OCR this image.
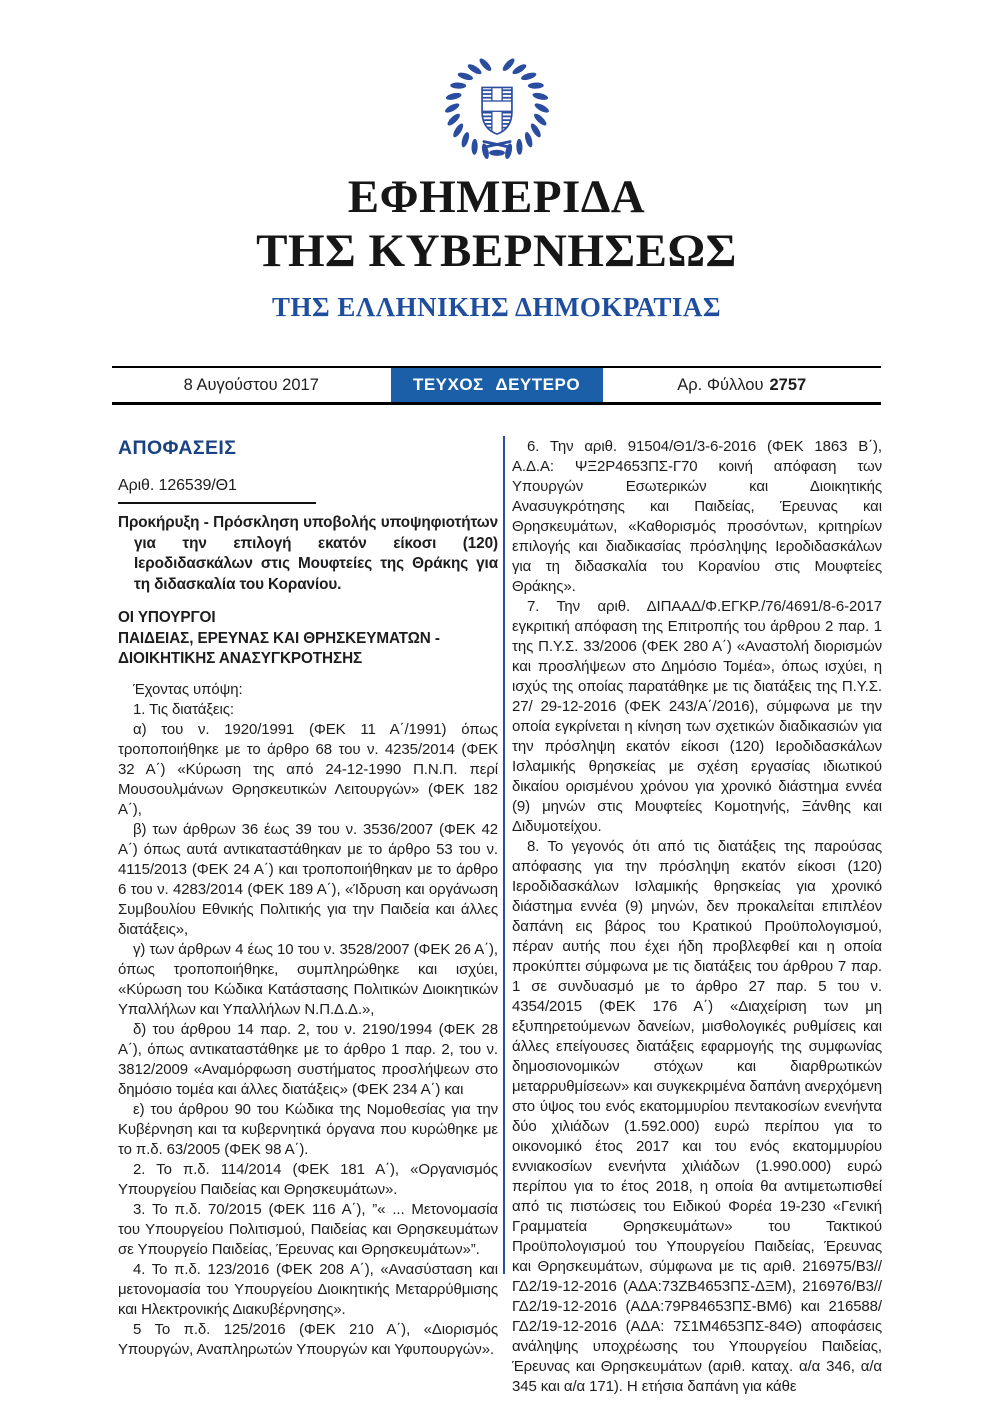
ΕΦΗΜΕΡΙΔΑ
ΤΗΣ ΚΥΒΕΡΝΗΣΕΩΣ
ΤΗΣ ΕΛΛΗΝΙΚΗΣ ΔΗΜΟΚΡΑΤΙΑΣ
8 Αυγούστου 2017	ΤΕΥΧΟΣ ΔΕΥΤΕΡΟ	Αρ. Φύλλου 2757
ΑΠΟΦΑΣΕΙΣ
Αριθ. 126539/Θ1

Προκήρυξη - Πρόσκληση υποβολής υποψηφιοτήτων για την επιλογή εκατόν είκοσι (120) Ιεροδιδασκάλων στις Μουφτείες της Θράκης για τη διδασκαλία του Κορανίου.

ΟΙ ΥΠΟΥΡΓΟΙ

ΠΑΙΔΕΙΑΣ, ΕΡΕΥΝΑΣ ΚΑΙ ΘΡΗΣΚΕΥΜΑΤΩΝ - ΔΙΟΙΚΗΤΙΚΗΣ ΑΝΑΣΥΓΚΡΟΤΗΣΗΣ

Έχοντας υπόψη:

1. Τις διατάξεις:

α) του ν. 1920/1991 (ΦΕΚ 11 Α΄/1991) όπως τροποποιήθηκε με το άρθρο 68 του ν. 4235/2014 (ΦΕΚ 32 Α΄) «Κύρωση της από 24-12-1990 Π.Ν.Π. περί Μουσουλμάνων Θρησκευτικών Λειτουργών» (ΦΕΚ 182 Α΄),

β) των άρθρων 36 έως 39 του ν. 3536/2007 (ΦΕΚ 42 Α΄) όπως αυτά αντικαταστάθηκαν με το άρθρο 53 του ν. 4115/2013 (ΦΕΚ 24 Α΄) και τροποποιήθηκαν με το άρθρο 6 του ν. 4283/2014 (ΦΕΚ 189 Α΄), «Ίδρυση και οργάνωση Συμβουλίου Εθνικής Πολιτικής για την Παιδεία και άλλες διατάξεις»,

γ) των άρθρων 4 έως 10 του ν. 3528/2007 (ΦΕΚ 26 Α΄), όπως τροποποιήθηκε, συμπληρώθηκε και ισχύει, «Κύρωση του Κώδικα Κατάστασης Πολιτικών Διοικητικών Υπαλλήλων και Υπαλλήλων Ν.Π.Δ.Δ.»,

δ) του άρθρου 14 παρ. 2, του ν. 2190/1994 (ΦΕΚ 28 Α΄), όπως αντικαταστάθηκε με το άρθρο 1 παρ. 2, του ν. 3812/2009 «Αναμόρφωση συστήματος προσλήψεων στο δημόσιο τομέα και άλλες διατάξεις» (ΦΕΚ 234 Α΄) και

ε) του άρθρου 90 του Κώδικα της Νομοθεσίας για την Κυβέρνηση και τα κυβερνητικά όργανα που κυρώθηκε με το π.δ. 63/2005 (ΦΕΚ 98 Α΄).

2. Το π.δ. 114/2014 (ΦΕΚ 181 Α΄), «Οργανισμός Υπουργείου Παιδείας και Θρησκευμάτων».

3. Το π.δ. 70/2015 (ΦΕΚ 116 Α΄), ”« ... Μετονομασία του Υπουργείου Πολιτισμού, Παιδείας και Θρησκευμάτων σε Υπουργείο Παιδείας, Έρευνας και Θρησκευμάτων»”.

4. Το π.δ. 123/2016 (ΦΕΚ 208 Α΄), «Ανασύσταση και μετονομασία του Υπουργείου Διοικητικής Μεταρρύθμισης και Ηλεκτρονικής Διακυβέρνησης».

5 Το π.δ. 125/2016 (ΦΕΚ 210 Α΄), «Διορισμός Υπουργών, Αναπληρωτών Υπουργών και Υφυπουργών».

6. Την αριθ. 91504/Θ1/3-6-2016 (ΦΕΚ 1863 Β΄), Α.Δ.Α: ΨΞ2Ρ4653ΠΣ-Γ70 κοινή απόφαση των Υπουργών Εσωτερικών και Διοικητικής Ανασυγκρότησης και Παιδείας, Έρευνας και Θρησκευμάτων, «Καθορισμός προσόντων, κριτηρίων επιλογής και διαδικασίας πρόσληψης Ιεροδιδασκάλων για τη διδασκαλία του Κορανίου στις Μουφτείες Θράκης».

7. Την αριθ. ΔΙΠΑΑΔ/Φ.ΕΓΚΡ./76/4691/8-6-2017 εγκριτική απόφαση της Επιτροπής του άρθρου 2 παρ. 1 της Π.Υ.Σ. 33/2006 (ΦΕΚ 280 Α΄) «Αναστολή διορισμών και προσλήψεων στο Δημόσιο Τομέα», όπως ισχύει, η ισχύς της οποίας παρατάθηκε με τις διατάξεις της Π.Υ.Σ. 27/ 29-12-2016 (ΦΕΚ 243/Α΄/2016), σύμφωνα με την οποία εγκρίνεται η κίνηση των σχετικών διαδικασιών για την πρόσληψη εκατόν είκοσι (120) Ιεροδιδασκάλων Ισλαμικής θρησκείας με σχέση εργασίας ιδιωτικού δικαίου ορισμένου χρόνου για χρονικό διάστημα εννέα (9) μηνών στις Μουφτείες Κομοτηνής, Ξάνθης και Διδυμοτείχου.

8. Το γεγονός ότι από τις διατάξεις της παρούσας απόφασης για την πρόσληψη εκατόν είκοσι (120) Ιεροδιδασκάλων Ισλαμικής θρησκείας για χρονικό διάστημα εννέα (9) μηνών, δεν προκαλείται επιπλέον δαπάνη εις βάρος του Κρατικού Προϋπολογισμού, πέραν αυτής που έχει ήδη προβλεφθεί και η οποία προκύπτει σύμφωνα με τις διατάξεις του άρθρου 7 παρ. 1 σε συνδυασμό με το άρθρο 27 παρ. 5 του ν. 4354/2015 (ΦΕΚ 176 Α΄) «Διαχείριση των μη εξυπηρετούμενων δανείων, μισθολογικές ρυθμίσεις και άλλες επείγουσες διατάξεις εφαρμογής της συμφωνίας δημοσιονομικών στόχων και διαρθρωτικών μεταρρυθμίσεων» και συγκεκριμένα δαπάνη ανερχόμενη στο ύψος του ενός εκατομμυρίου πεντακοσίων ενενήντα δύο χιλιάδων (1.592.000) ευρώ περίπου για το οικονομικό έτος 2017 και του ενός εκατομμυρίου εννιακοσίων ενενήντα χιλιάδων (1.990.000) ευρώ περίπου για το έτος 2018, η οποία θα αντιμετωπισθεί από τις πιστώσεις του Ειδικού Φορέα 19-230 «Γενική Γραμματεία Θρησκευμάτων» του Τακτικού Προϋπολογισμού του Υπουργείου Παιδείας, Έρευνας και Θρησκευμάτων, σύμφωνα με τις αριθ. 216975/Β3//ΓΔ2/19-12-2016 (ΑΔΑ:73ΖΒ4653ΠΣ-ΔΞΜ), 216976/Β3//ΓΔ2/19-12-2016 (ΑΔΑ:79Ρ84653ΠΣ-ΒΜ6) και 216588/ΓΔ2/19-12-2016 (ΑΔΑ: 7Σ1Μ4653ΠΣ-84Θ) αποφάσεις ανάληψης υποχρέωσης του Υπουργείου Παιδείας, Έρευνας και Θρησκευμάτων (αριθ. καταχ. α/α 346, α/α 345 και α/α 171). Η ετήσια δαπάνη για κάθε
